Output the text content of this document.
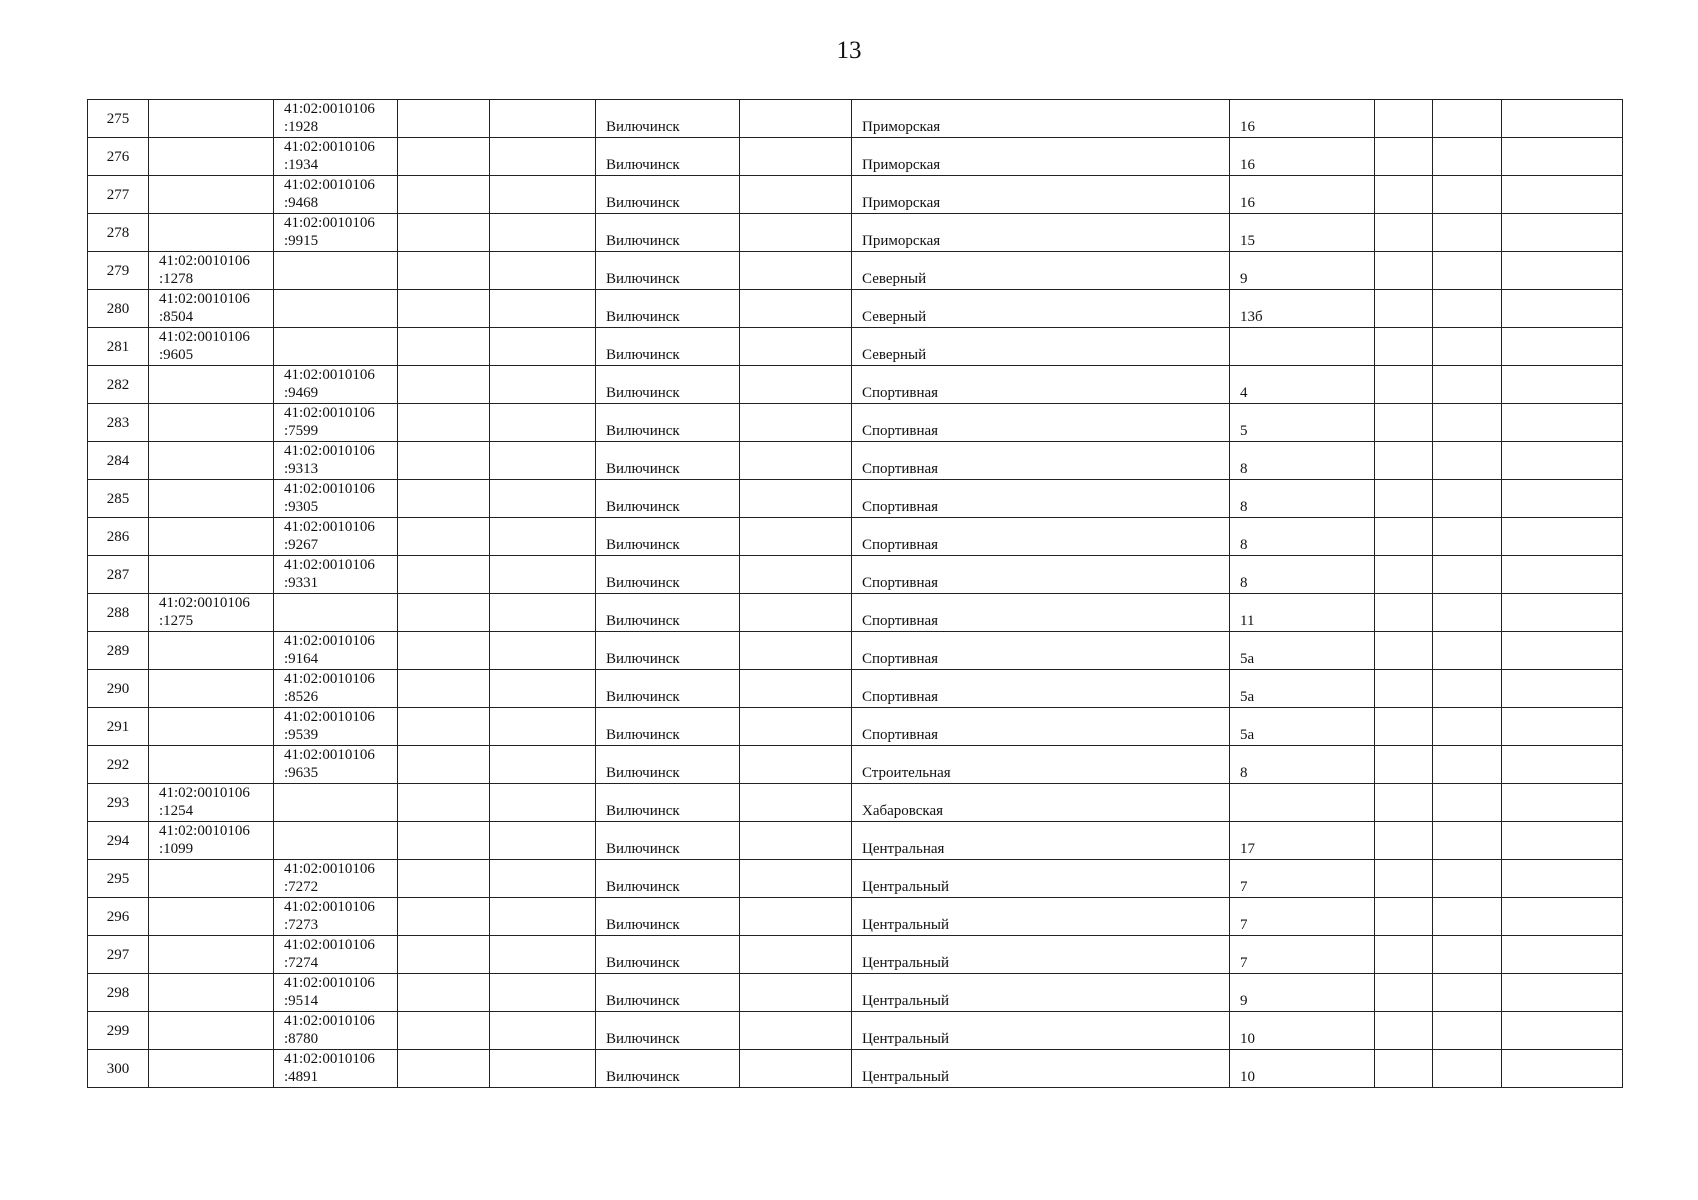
13
275		41:02:0010106
:1928			Вилючинск		Приморская	16			

276		41:02:0010106
:1934			Вилючинск		Приморская	16			

277		41:02:0010106
:9468			Вилючинск		Приморская	16			

278		41:02:0010106
:9915			Вилючинск		Приморская	15			

279	41:02:0010106
:1278				Вилючинск		Северный	9			

280	41:02:0010106
:8504				Вилючинск		Северный	13б			

281	41:02:0010106
:9605				Вилючинск		Северный				

282		41:02:0010106
:9469			Вилючинск		Спортивная	4			

283		41:02:0010106
:7599			Вилючинск		Спортивная	5			

284		41:02:0010106
:9313			Вилючинск		Спортивная	8			

285		41:02:0010106
:9305			Вилючинск		Спортивная	8			

286		41:02:0010106
:9267			Вилючинск		Спортивная	8			

287		41:02:0010106
:9331			Вилючинск		Спортивная	8			

288	41:02:0010106
:1275				Вилючинск		Спортивная	11			

289		41:02:0010106
:9164			Вилючинск		Спортивная	5а			

290		41:02:0010106
:8526			Вилючинск		Спортивная	5а			

291		41:02:0010106
:9539			Вилючинск		Спортивная	5а			

292		41:02:0010106
:9635			Вилючинск		Строительная	8			

293	41:02:0010106
:1254				Вилючинск		Хабаровская				

294	41:02:0010106
:1099				Вилючинск		Центральная	17			

295		41:02:0010106
:7272			Вилючинск		Центральный	7			

296		41:02:0010106
:7273			Вилючинск		Центральный	7			

297		41:02:0010106
:7274			Вилючинск		Центральный	7			

298		41:02:0010106
:9514			Вилючинск		Центральный	9			

299		41:02:0010106
:8780			Вилючинск		Центральный	10			

300		41:02:0010106
:4891			Вилючинск		Центральный	10			
